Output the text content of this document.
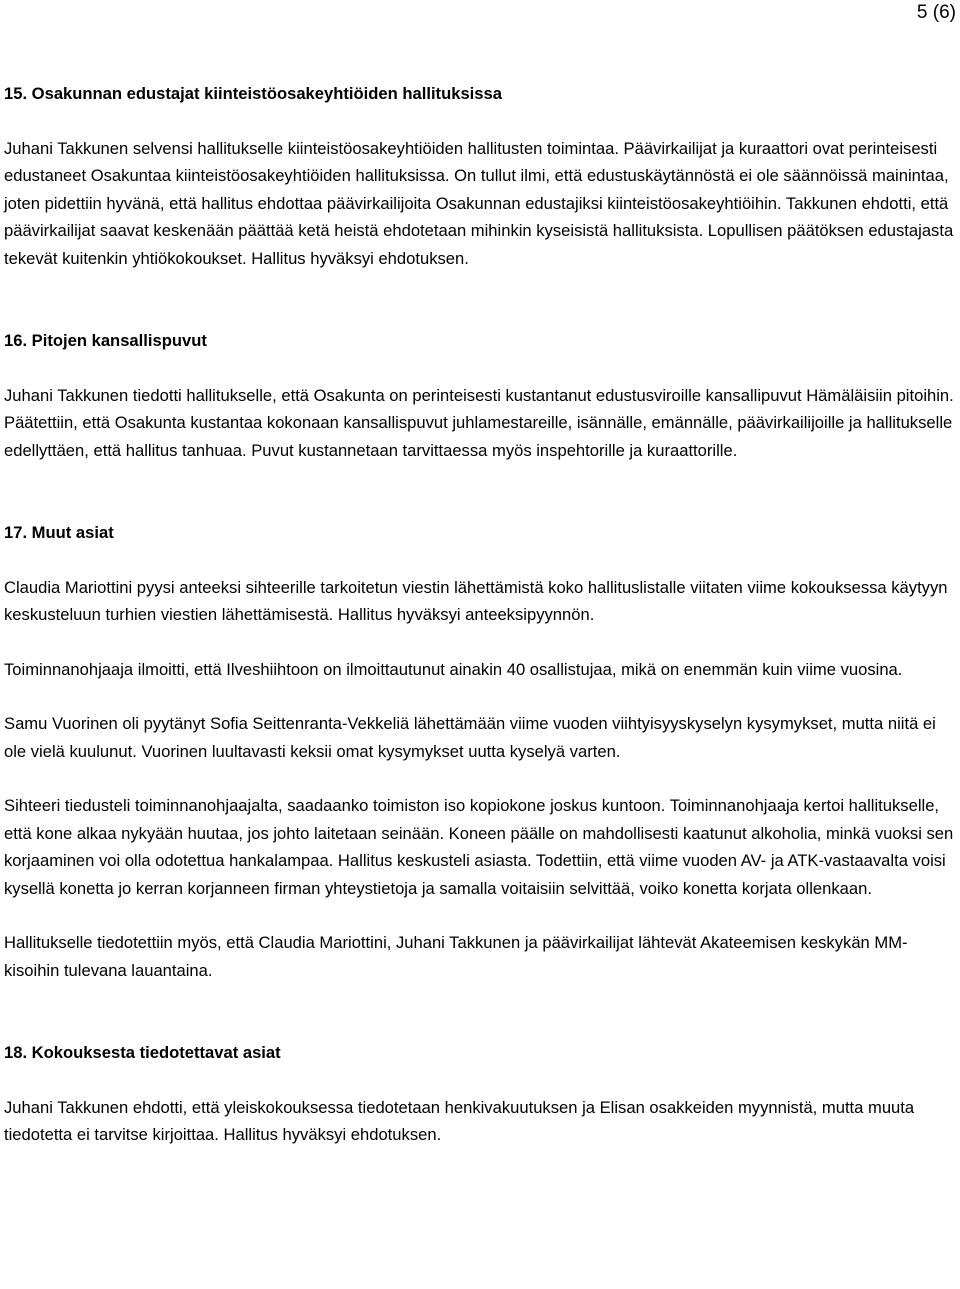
5 (6)
15. Osakunnan edustajat kiinteistöosakeyhtiöiden hallituksissa

Juhani Takkunen selvensi hallitukselle kiinteistöosakeyhtiöiden hallitusten toimintaa. Päävirkailijat ja kuraattori ovat perinteisesti edustaneet Osakuntaa kiinteistöosakeyhtiöiden hallituksissa. On tullut ilmi, että edustuskäytännöstä ei ole säännöissä mainintaa, joten pidettiin hyvänä, että hallitus ehdottaa päävirkailijoita Osakunnan edustajiksi kiinteistöosakeyhtiöihin. Takkunen ehdotti, että päävirkailijat saavat keskenään päättää ketä heistä ehdotetaan mihinkin kyseisistä hallituksista. Lopullisen päätöksen edustajasta tekevät kuitenkin yhtiökokoukset. Hallitus hyväksyi ehdotuksen.

16. Pitojen kansallispuvut

Juhani Takkunen tiedotti hallitukselle, että Osakunta on perinteisesti kustantanut edustusviroille kansallipuvut Hämäläisiin pitoihin. Päätettiin, että Osakunta kustantaa kokonaan kansallispuvut juhlamestareille, isännälle, emännälle, päävirkailijoille ja hallitukselle edellyttäen, että hallitus tanhuaa. Puvut kustannetaan tarvittaessa myös inspehtorille ja kuraattorille.

17. Muut asiat

Claudia Mariottini pyysi anteeksi sihteerille tarkoitetun viestin lähettämistä koko hallituslistalle viitaten viime kokouksessa käytyyn keskusteluun turhien viestien lähettämisestä. Hallitus hyväksyi anteeksipyynnön.

Toiminnanohjaaja ilmoitti, että Ilveshiihtoon on ilmoittautunut ainakin 40 osallistujaa, mikä on enemmän kuin viime vuosina.

Samu Vuorinen oli pyytänyt Sofia Seittenranta-Vekkeliä lähettämään viime vuoden viihtyisyyskyselyn kysymykset, mutta niitä ei ole vielä kuulunut. Vuorinen luultavasti keksii omat kysymykset uutta kyselyä varten.

Sihteeri tiedusteli toiminnanohjaajalta, saadaanko toimiston iso kopiokone joskus kuntoon. Toiminnanohjaaja kertoi hallitukselle, että kone alkaa nykyään huutaa, jos johto laitetaan seinään. Koneen päälle on mahdollisesti kaatunut alkoholia, minkä vuoksi sen korjaaminen voi olla odotettua hankalampaa. Hallitus keskusteli asiasta. Todettiin, että viime vuoden AV- ja ATK-vastaavalta voisi kysellä konetta jo kerran korjanneen firman yhteystietoja ja samalla voitaisiin selvittää, voiko konetta korjata ollenkaan.

Hallitukselle tiedotettiin myös, että Claudia Mariottini, Juhani Takkunen ja päävirkailijat lähtevät Akateemisen keskykän MM-kisoihin tulevana lauantaina.

18. Kokouksesta tiedotettavat asiat

Juhani Takkunen ehdotti, että yleiskokouksessa tiedotetaan henkivakuutuksen ja Elisan osakkeiden myynnistä, mutta muuta tiedotetta ei tarvitse kirjoittaa. Hallitus hyväksyi ehdotuksen.
